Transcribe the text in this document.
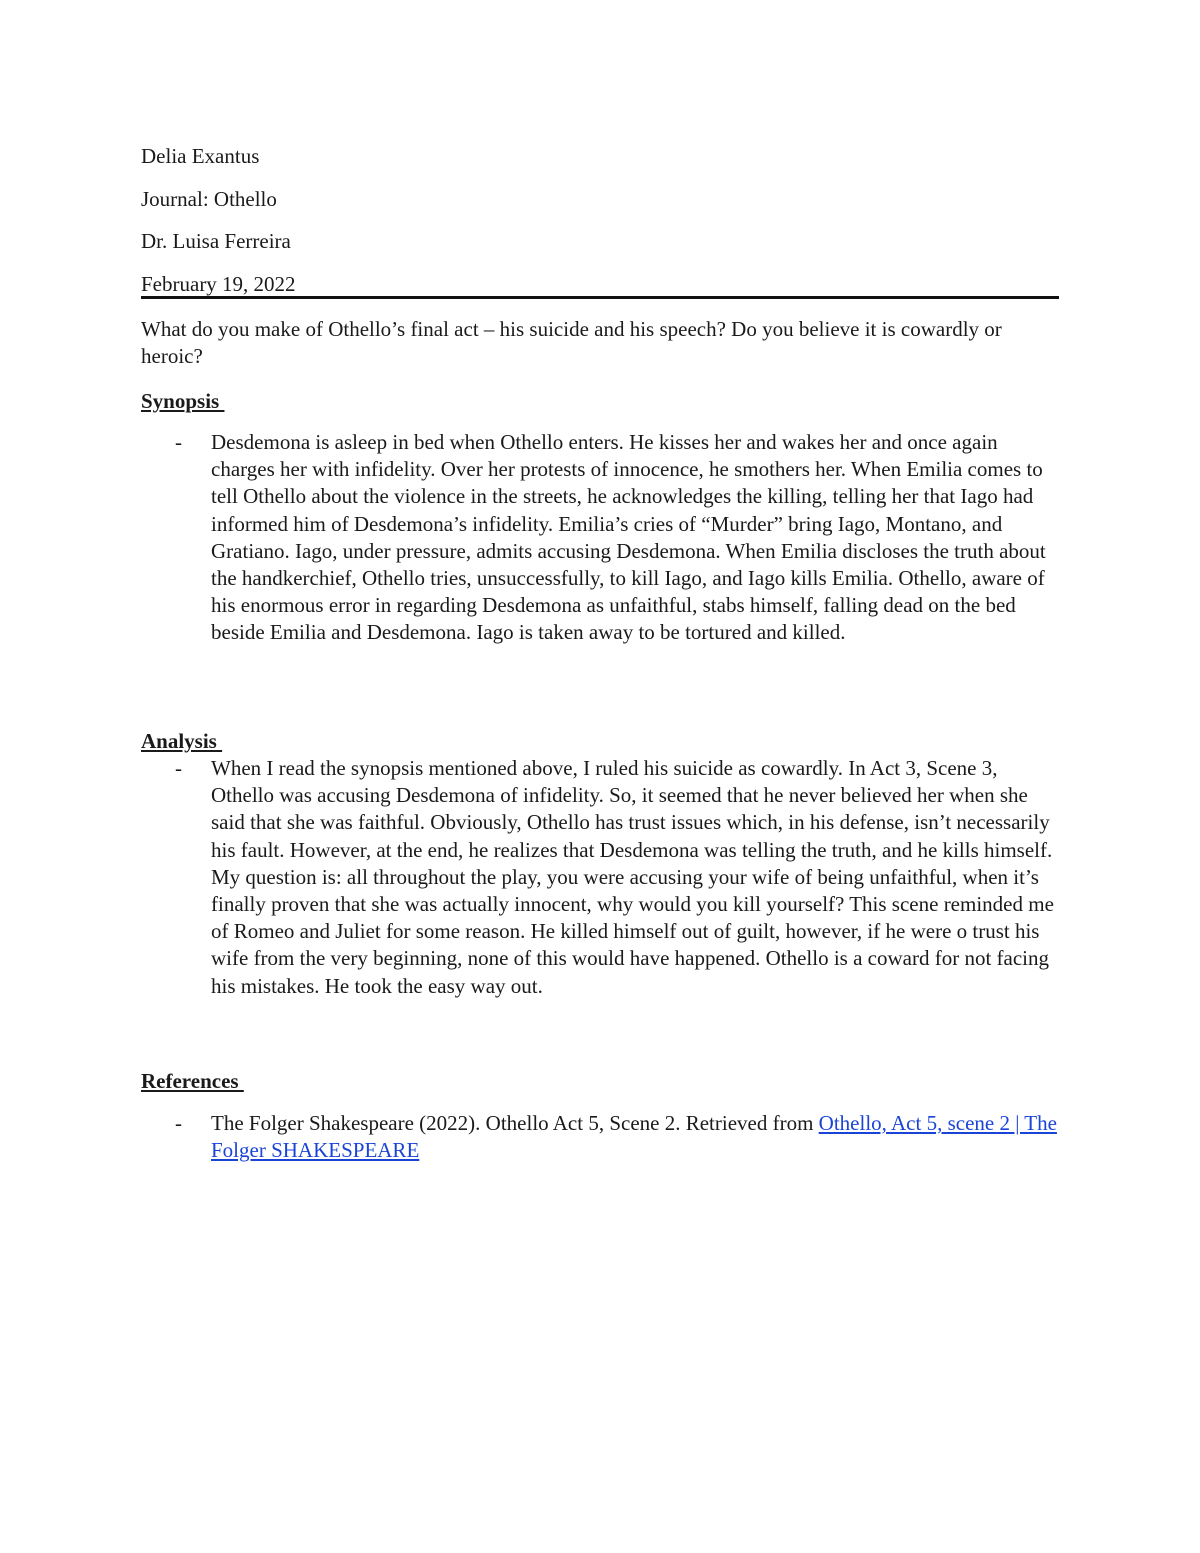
Delia Exantus

Journal: Othello

Dr. Luisa Ferreira

February 19, 2022

What do you make of Othello’s final act – his suicide and his speech? Do you believe it is cowardly or heroic?

Synopsis

- Desdemona is asleep in bed when Othello enters. He kisses her and wakes her and once again charges her with infidelity. Over her protests of innocence, he smothers her. When Emilia comes to tell Othello about the violence in the streets, he acknowledges the killing, telling her that Iago had informed him of Desdemona’s infidelity. Emilia’s cries of “Murder” bring Iago, Montano, and Gratiano. Iago, under pressure, admits accusing Desdemona. When Emilia discloses the truth about the handkerchief, Othello tries, unsuccessfully, to kill Iago, and Iago kills Emilia. Othello, aware of his enormous error in regarding Desdemona as unfaithful, stabs himself, falling dead on the bed beside Emilia and Desdemona. Iago is taken away to be tortured and killed.

Analysis

- When I read the synopsis mentioned above, I ruled his suicide as cowardly. In Act 3, Scene 3, Othello was accusing Desdemona of infidelity. So, it seemed that he never believed her when she said that she was faithful. Obviously, Othello has trust issues which, in his defense, isn’t necessarily his fault. However, at the end, he realizes that Desdemona was telling the truth, and he kills himself. My question is: all throughout the play, you were accusing your wife of being unfaithful, when it’s finally proven that she was actually innocent, why would you kill yourself? This scene reminded me of Romeo and Juliet for some reason. He killed himself out of guilt, however, if he were o trust his wife from the very beginning, none of this would have happened. Othello is a coward for not facing his mistakes. He took the easy way out.

References

- The Folger Shakespeare (2022). Othello Act 5, Scene 2. Retrieved from Othello, Act 5, scene 2 | The Folger SHAKESPEARE
